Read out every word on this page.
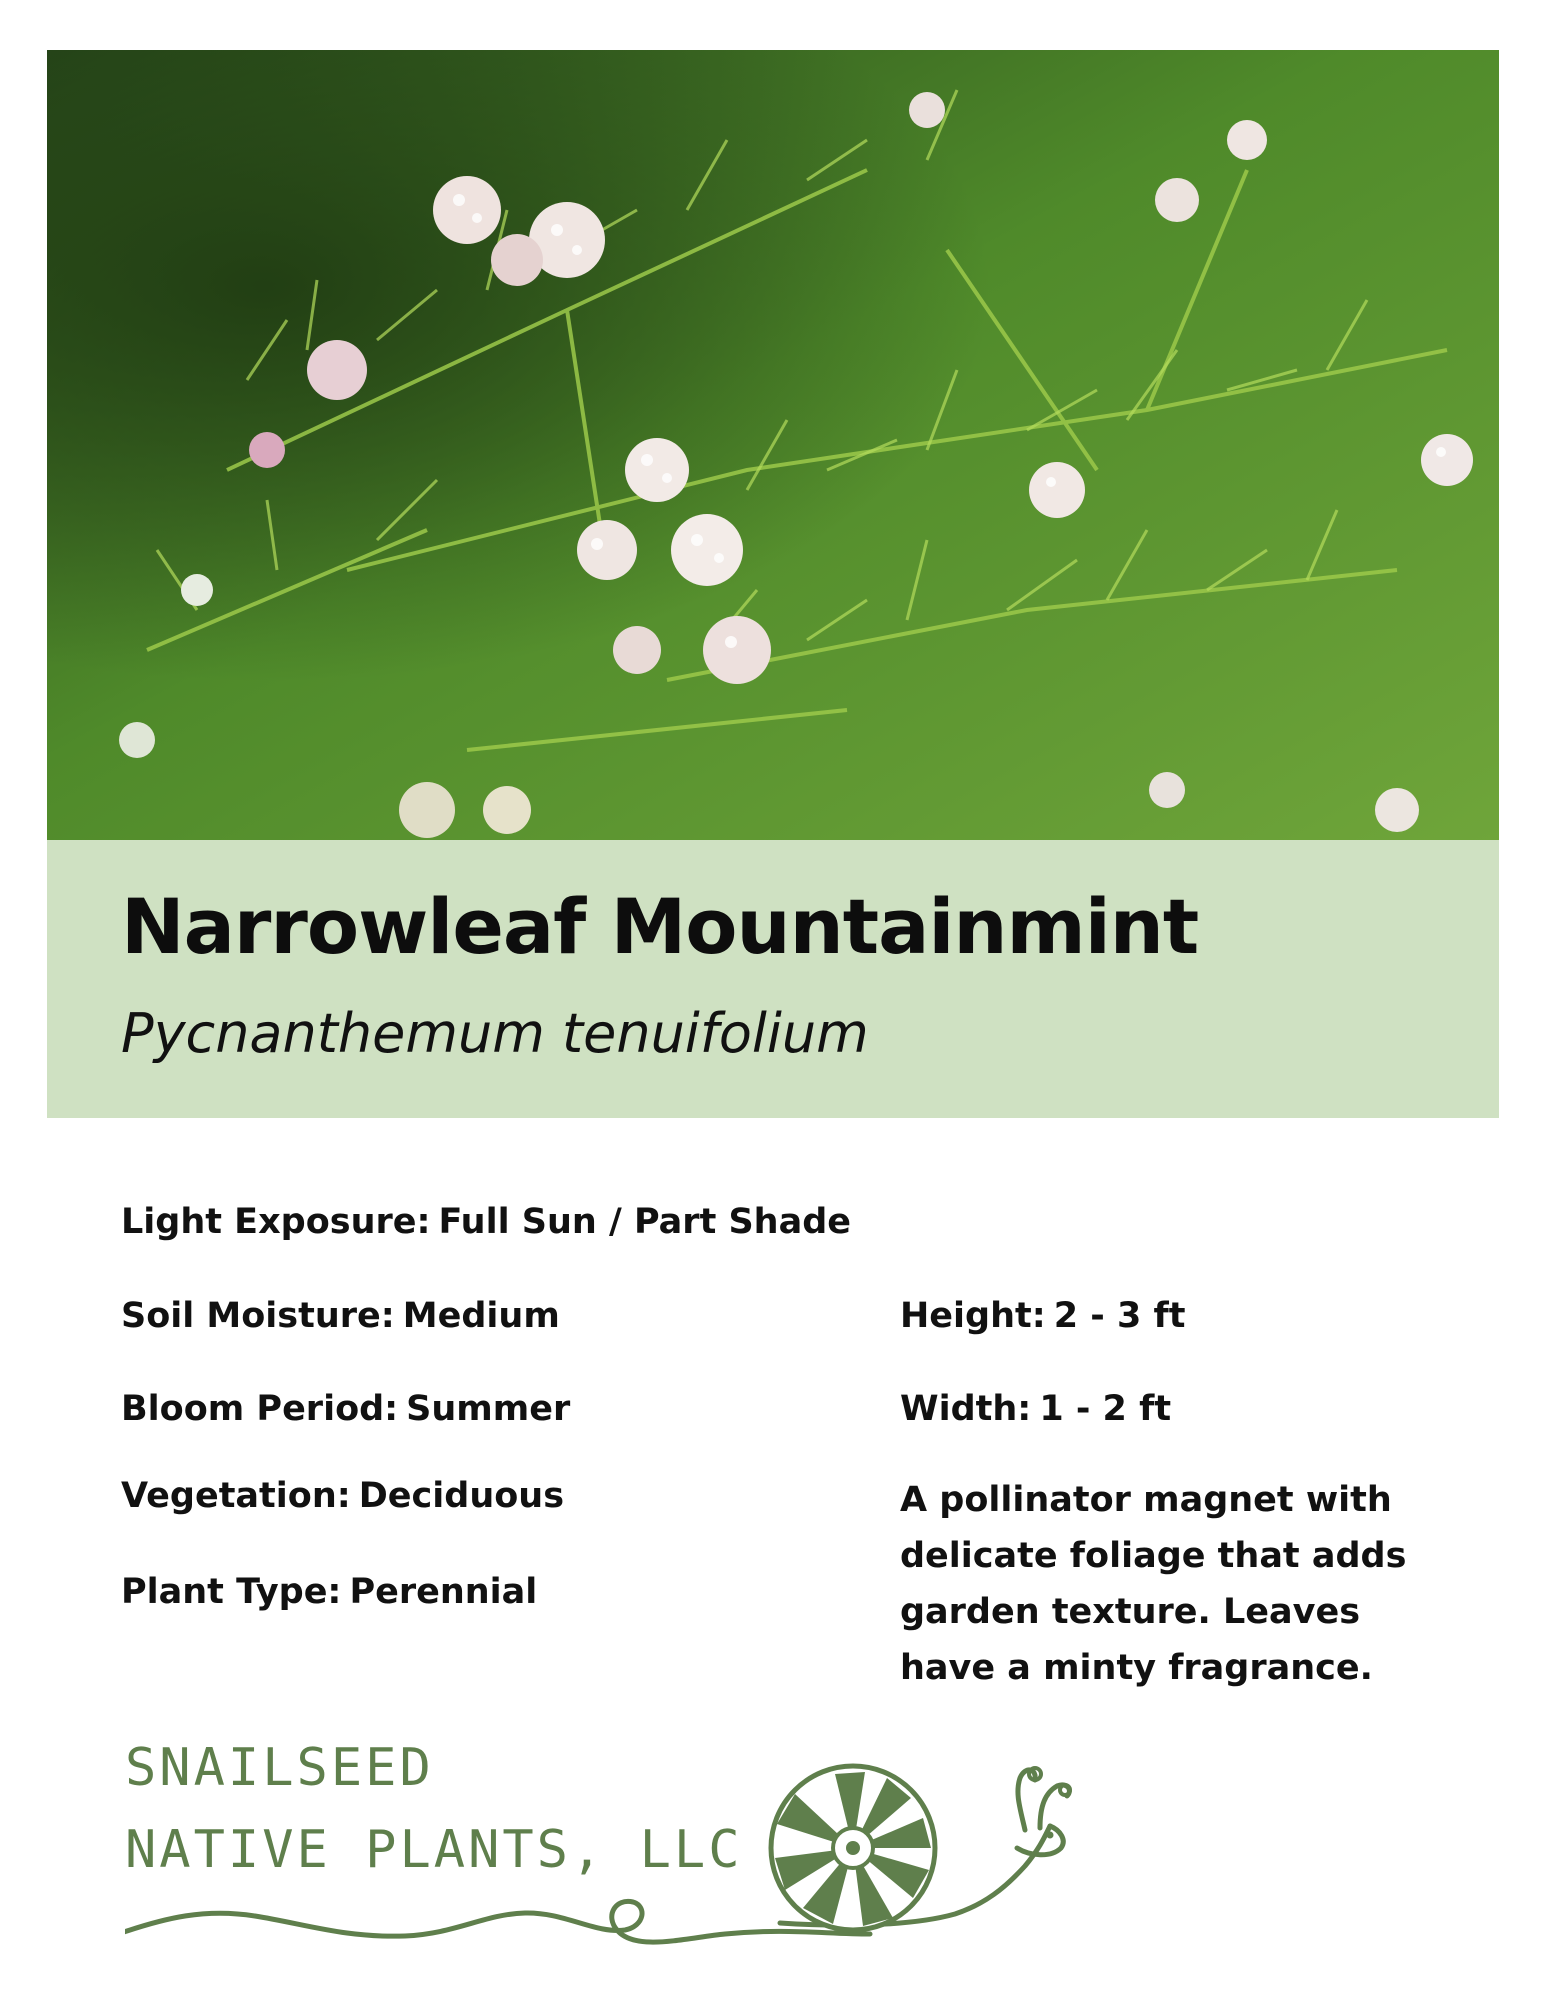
Narrowleaf Mountainmint

Pycnanthemum tenuifolium

Light Exposure: Full Sun / Part Shade
Soil Moisture: Medium
Bloom Period: Summer
Vegetation: Deciduous
Plant Type: Perennial
Height: 2 - 3 ft
Width: 1 - 2 ft

A pollinator magnet with delicate foliage that adds garden texture. Leaves have a minty fragrance.

SNAILSEED

NATIVE PLANTS, LLC
